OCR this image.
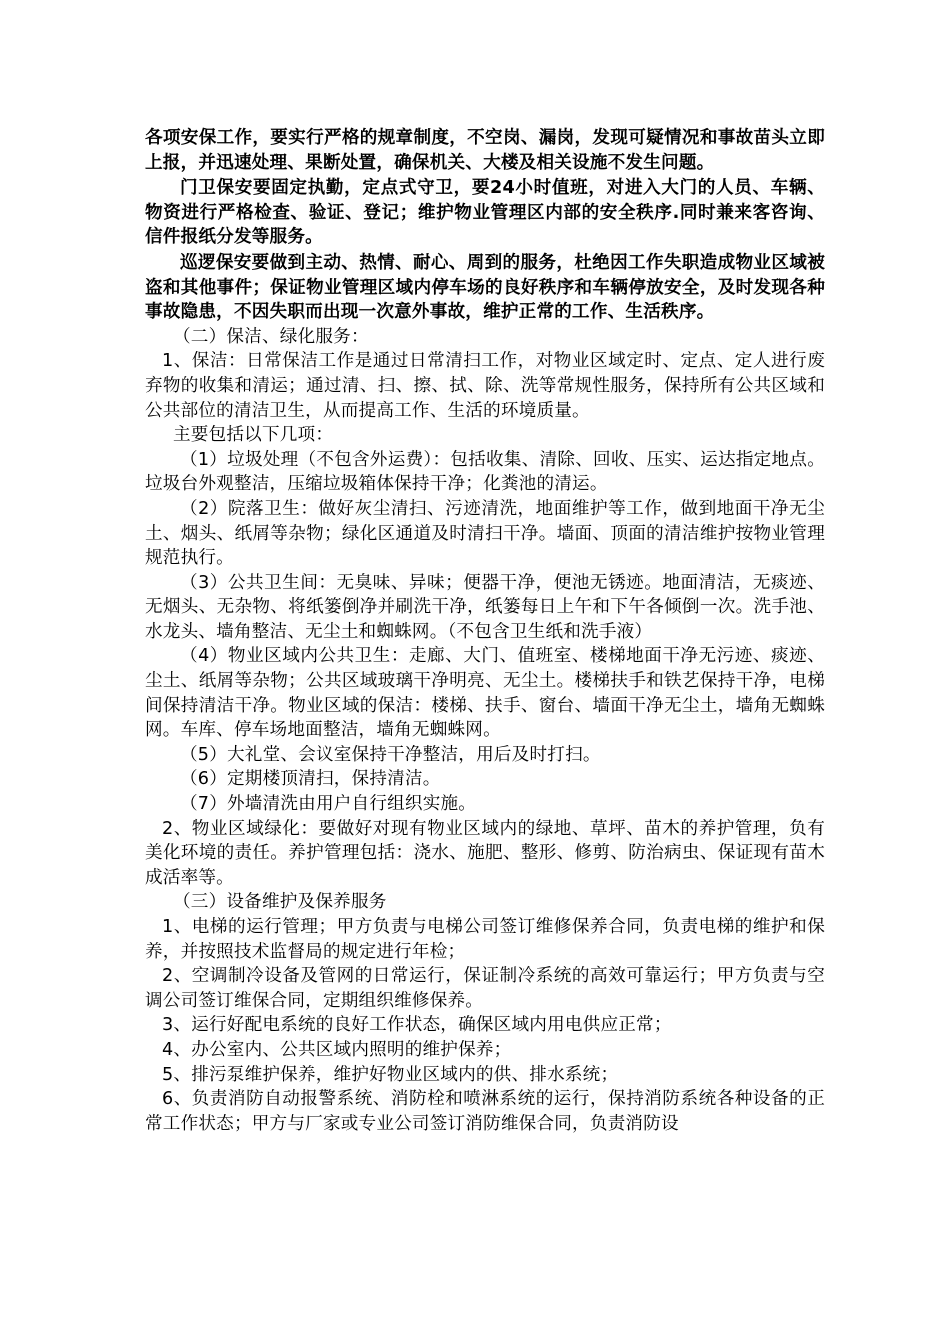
各项安保工作，要实行严格的规章制度，不空岗、漏岗，发现可疑情况和事故苗头立即上报，并迅速处理、果断处置，确保机关、大楼及相关设施不发生问题。

门卫保安要固定执勤，定点式守卫，要24小时值班，对进入大门的人员、车辆、物资进行严格检查、验证、登记；维护物业管理区内部的安全秩序.同时兼来客咨询、信件报纸分发等服务。

巡逻保安要做到主动、热情、耐心、周到的服务，杜绝因工作失职造成物业区域被盗和其他事件；保证物业管理区域内停车场的良好秩序和车辆停放安全，及时发现各种事故隐患，不因失职而出现一次意外事故，维护正常的工作、生活秩序。

（二）保洁、绿化服务：

1、保洁：日常保洁工作是通过日常清扫工作，对物业区域定时、定点、定人进行废弃物的收集和清运；通过清、扫、擦、拭、除、洗等常规性服务，保持所有公共区域和公共部位的清洁卫生，从而提高工作、生活的环境质量。

主要包括以下几项：

（1）垃圾处理（不包含外运费）：包括收集、清除、回收、压实、运达指定地点。垃圾台外观整洁，压缩垃圾箱体保持干净；化粪池的清运。

（2）院落卫生：做好灰尘清扫、污迹清洗，地面维护等工作，做到地面干净无尘土、烟头、纸屑等杂物；绿化区通道及时清扫干净。墙面、顶面的清洁维护按物业管理规范执行。

（3）公共卫生间：无臭味、异味；便器干净，便池无锈迹。地面清洁，无痰迹、无烟头、无杂物、将纸篓倒净并刷洗干净，纸篓每日上午和下午各倾倒一次。洗手池、水龙头、墙角整洁、无尘土和蜘蛛网。（不包含卫生纸和洗手液）

（4）物业区域内公共卫生：走廊、大门、值班室、楼梯地面干净无污迹、痰迹、尘土、纸屑等杂物；公共区域玻璃干净明亮、无尘土。楼梯扶手和铁艺保持干净，电梯间保持清洁干净。物业区域的保洁：楼梯、扶手、窗台、墙面干净无尘土，墙角无蜘蛛网。车库、停车场地面整洁，墙角无蜘蛛网。

（5）大礼堂、会议室保持干净整洁，用后及时打扫。

（6）定期楼顶清扫，保持清洁。

（7）外墙清洗由用户自行组织实施。

2、物业区域绿化：要做好对现有物业区域内的绿地、草坪、苗木的养护管理，负有美化环境的责任。养护管理包括：浇水、施肥、整形、修剪、防治病虫、保证现有苗木成活率等。

（三）设备维护及保养服务

1、电梯的运行管理；甲方负责与电梯公司签订维修保养合同，负责电梯的维护和保养，并按照技术监督局的规定进行年检；

2、空调制冷设备及管网的日常运行，保证制冷系统的高效可靠运行；甲方负责与空调公司签订维保合同，定期组织维修保养。

3、运行好配电系统的良好工作状态，确保区域内用电供应正常；

4、办公室内、公共区域内照明的维护保养；

5、排污泵维护保养，维护好物业区域内的供、排水系统；

6、负责消防自动报警系统、消防栓和喷淋系统的运行，保持消防系统各种设备的正常工作状态；甲方与厂家或专业公司签订消防维保合同，负责消防设
